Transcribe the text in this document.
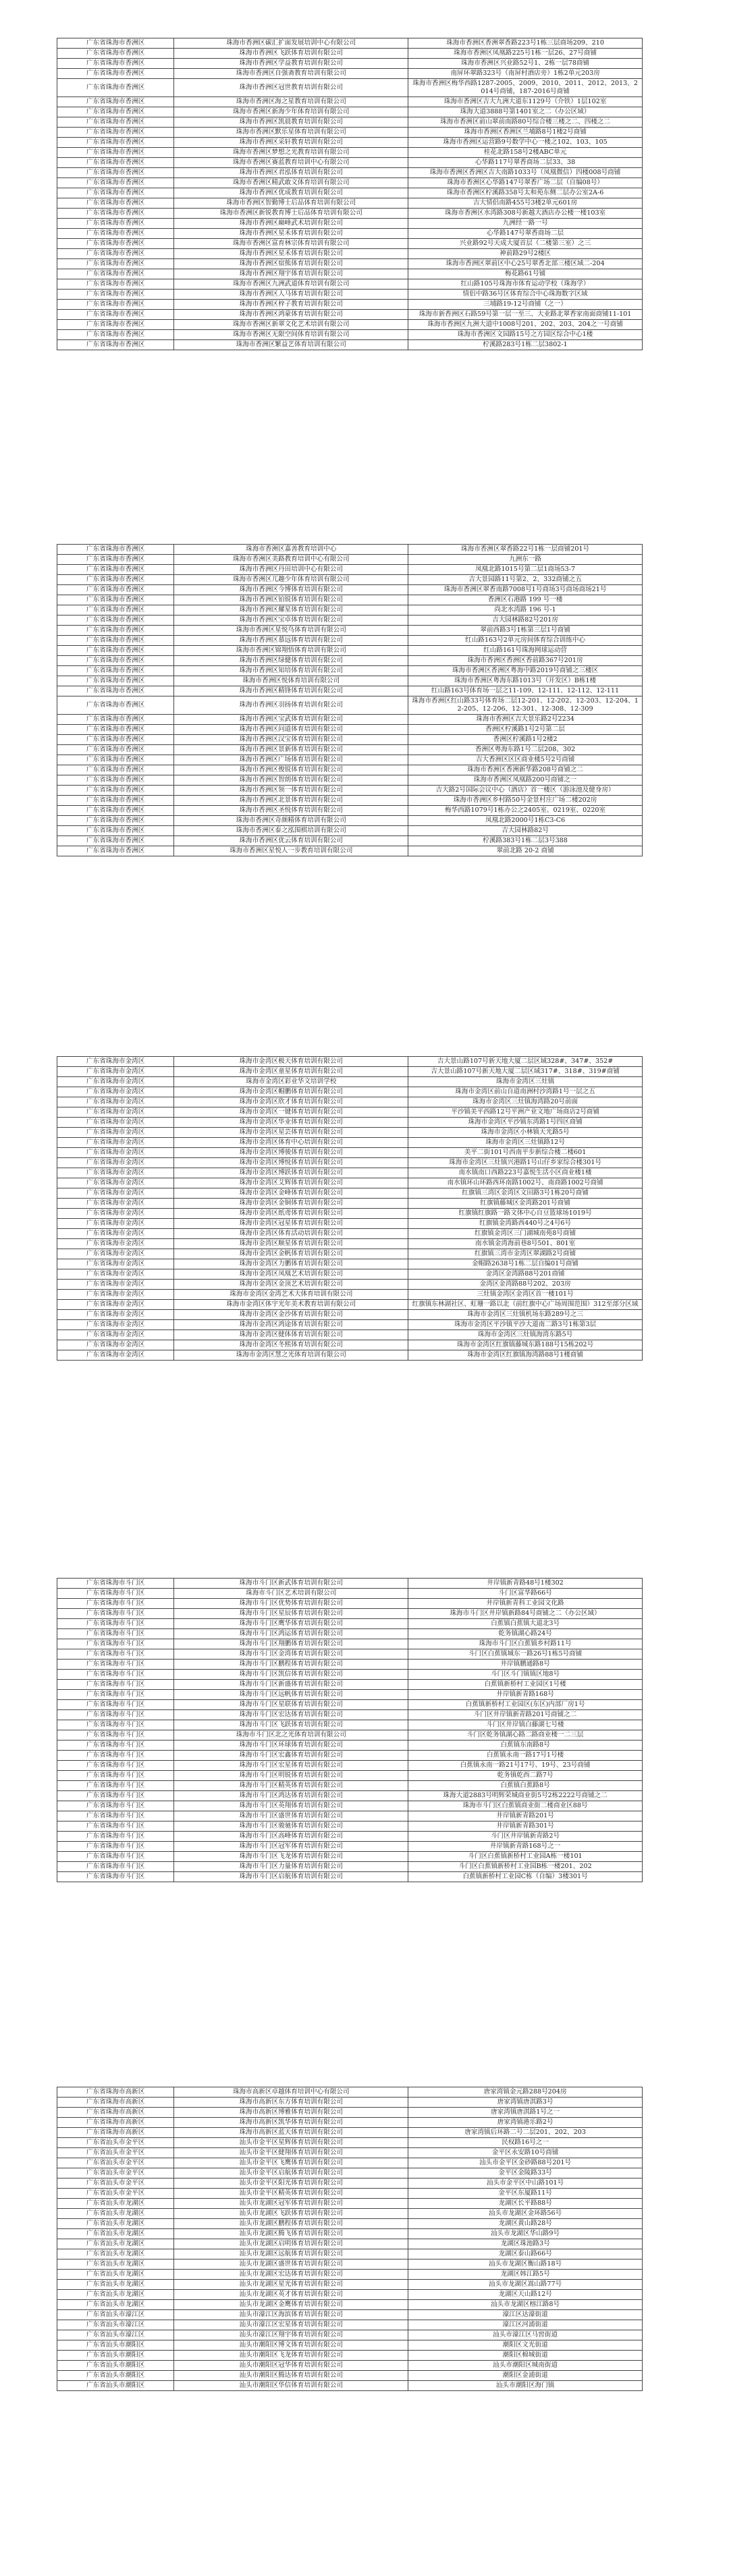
广东省珠海市香洲区	珠海市香洲区碳汇扩面发展培训中心有限公司	珠海市香洲区香洲翠香路223号1栋三层商场209、210
广东省珠海市香洲区	珠海市香洲区飞跃体育培训有限公司	珠海市香洲区凤凰路225号1栋一层26、27号商铺
广东省珠海市香洲区	珠海市香洲区学益教育培训有限公司	珠海市香洲区兴业路52号1、2栋一层78商铺
广东省珠海市香洲区	珠海市香洲区自强斋教育培训有限公司	南屏环翠路323号（南屏村酒店旁）1栋2单元203房
广东省珠海市香洲区	珠海市香洲区冠世教育培训有限公司	珠海市香洲区梅华西路1287-2005、2009、2010、2011、2012、2013、2014号商铺，187-2016号商铺
广东省珠海市香洲区	珠海市香洲区海之星教育培训有限公司	珠海市香洲区吉大九洲大道东1129号（介铁）1层102室
广东省珠海市香洲区	珠海市香洲区新海少年体育培训有限公司	珠海大道3888号第1401室之二（办公区域）
广东省珠海市香洲区	珠海市香洲区凯晨教育培训有限公司	珠海市香洲区前山翠前南路80号综合楼三楼之二、四楼之二
广东省珠海市香洲区	珠海市香洲区默乐星体育培训有限公司	珠海市香洲区香洲区兰埔路8号1楼2号商铺
广东省珠海市香洲区	珠海市香洲区采轩教育培训有限公司	珠海市香洲区运营路9号数学中心一楼之102、103、105
广东省珠海市香洲区	珠海市香洲区梦想之光教育培训有限公司	桂花北路158号2楼ABC单元
广东省珠海市香洲区	珠海市香洲区赛蓝教育培训中心有限公司	心华路117号翠香商场二层33、38
广东省珠海市香洲区	珠海市香洲区君泓体育培训有限公司	珠海市香洲区香洲区吉大南路1033号（凤凰微信）四楼008号商铺
广东省珠海市香洲区	珠海市香洲区精武敢文体育培训有限公司	珠海市香洲区心华路147号翠香广场二层（自编08号）
广东省珠海市香洲区	珠海市香洲区优成教育培训有限公司	珠海市香洲区柠溪路358号太和苑东侧二层办公室2A-6
广东省珠海市香洲区	珠海市香洲区智勤博士后品体育培训有限公司	吉大情侣南路455号3楼2单元601房
广东省珠海市香洲区	珠海市香洲区新锐教育博士后品体育培训有限公司	珠海市香洲区水湾路308号新越大酒店办公楼一楼103室
广东省珠海市香洲区	珠海市香洲区巅峰武术培训有限公司	九洲经一路一号
广东省珠海市香洲区	珠海市香洲区星禾体育培训有限公司	心华路147号翠香商场二层
广东省珠海市香洲区	珠海市香洲区富育林宗体育培训有限公司	兴业路92号天成大厦首层（二楼第三室）之三
广东省珠海市香洲区	珠海市香洲区星禾体育培训有限公司	神前路29号2楼区
广东省珠海市香洲区	珠海市香洲区宿熊体育培训有限公司	珠海市香洲区翠前区中心25号翠香北部三楼区域二-204
广东省珠海市香洲区	珠海市香洲区翔宇体育培训有限公司	梅花路61号铺
广东省珠海市香洲区	珠海市香洲区九洲武道体育培训有限公司	红山路105号珠海市体育运动学校（珠海学）
广东省珠海市香洲区	珠海市香洲区人马体育培训有限公司	情侣中路36号区体育综合中心珠海数字区域
广东省珠海市香洲区	珠海市香洲区梓子教育培训有限公司	三埔路19-12号商铺（之一）
广东省珠海市香洲区	珠海市香洲区鸿蒙体育培训有限公司	珠海市新香洲区石路59号第一层一至三、大业路北翠香家南面商铺11-101
广东省珠海市香洲区	珠海市香洲区新翠文化艺术培训有限公司	珠海市香洲区九洲大道中1008号201、202、203、204之一号商铺
广东省珠海市香洲区	珠海市香洲区无限空间体育培训有限公司	珠海市香洲区文园路15号之方园区综合中心1楼
广东省珠海市香洲区	珠海市香洲区繁益艺体育培训有限公司	柠溪路283号1栋二层3802-1
广东省珠海市香洲区	珠海市香洲区嘉善教育培训中心	珠海市香洲区翠香路22号1栋一层商铺201号
广东省珠海市香洲区	珠海市香洲区美路教育培训中心有限公司	九洲东一路
广东省珠海市香洲区	珠海市香洲区丹田培训中心有限公司	凤凰北路1015号第二层1商场53-7
广东省珠海市香洲区	珠海市香洲区兀趣少年体育培训有限公司	吉大景园路11号第2、2、332商铺之五
广东省珠海市香洲区	珠海市香洲区今博体育培训有限公司	珠海市香洲区翠香南路7008号1号商场3号商场商场21号
广东省珠海市香洲区	珠海市香洲区铂锐体育培训有限公司	香洲区石港路 199 号一楼
广东省珠海市香洲区	珠海市香洲区耀星体育培训有限公司	尚北水湾路 196 号-1
广东省珠海市香洲区	珠海市香洲区宝卓体育培训有限公司	吉大园林路82号201房
广东省珠海市香洲区	珠海市香洲区星悦鸟体育培训有限公司	翠前西路3号1栋第三层1号商铺
广东省珠海市香洲区	珠海市香洲区慕远体育培训有限公司	红山路163号2单元房间体育综合训练中心
广东省珠海市香洲区	珠海市香洲区锦翔悟体育培训有限公司	红山路161号珠海网球运动营
广东省珠海市香洲区	珠海市香洲区绿健体育培训有限公司	珠海市香洲区香洲区香前路367号201房
广东省珠海市香洲区	珠海市香洲区知培体育培训有限公司	珠海市香洲区香洲区粤海中路2019号商铺之三楼区
广东省珠海市香洲区	珠海市香洲区悦体育培训有限公司	珠海市香洲区粤海东路1013号（开发区）B栋1楼
广东省珠海市香洲区	珠海市香洲区精锋体育培训有限公司	红山路163号体育场一层之11-109、12-111、12-112、12-111
广东省珠海市香洲区	珠海市香洲区羽扬体育培训有限公司	珠海市香洲区红山路33号体育场二层12-201、12-202、12-203、12-204、12-205、12-206、12-301、12-308、12-309
广东省珠海市香洲区	珠海市香洲区宝武体育培训有限公司	珠海市香洲区吉大景乐路2号2234
广东省珠海市香洲区	珠海市香洲区问道体育培训有限公司	香洲区柠溪路1号2号第二层
广东省珠海市香洲区	珠海市香洲区汉宝体育培训有限公司	香洲区柠溪路1号2楼2
广东省珠海市香洲区	珠海市香洲区景新体育培训有限公司	香洲区粤海东路1号二层208、302
广东省珠海市香洲区	珠海市香洲区广场体育培训有限公司	吉大香洲区区区商业楼5号2号商铺
广东省珠海市香洲区	珠海市香洲区俊锐体育培训有限公司	珠海市香洲区香洲新华路208号商铺之二
广东省珠海市香洲区	珠海市香洲区智朗体育培训有限公司	珠海市香洲区凤凰路200号商铺之一
广东省珠海市香洲区	珠海市香洲区领一体育培训有限公司	吉大路2号国际会议中心（酒店）首一楼区（游泳池及健身房）
广东省珠海市香洲区	珠海市香洲区北景体育培训有限公司	珠海市香洲区乡村路50号金景村庄广场二楼202房
广东省珠海市香洲区	珠海市香洲区圣悦体育培训有限公司	梅华西路1079号1栋办公之2405室、0219室、0220室
广东省珠海市香洲区	珠海市香洲区奇颜精体育培训有限公司	凤凰北路2000号1栋C3-C6
广东省珠海市香洲区	珠海市香洲区泰之泓围棋培训有限公司	吉大园林路82号
广东省珠海市香洲区	珠海市香洲区优云体育培训有限公司	柠溪路383号1栋二层3号388
广东省珠海市香洲区	珠海市香洲区星悦人一步教育培训有限公司	翠前北路 20-2 商铺
广东省珠海市金湾区	珠海市金湾区极天体育培训有限公司	吉大景山路107号新天地大厦二层区域328#、347#、352#
广东省珠海市金湾区	珠海市金湾区童星体育培训有限公司	吉大景山路107号新天地大厦二层区域317#、318#、319#商铺
广东省珠海市金湾区	珠海市金湾区彩业华文培训学校	珠海市金湾区三灶镇
广东省珠海市金湾区	珠海市金湾区帽鹏体育培训有限公司	珠海市金湾区前山自道南洲村沙湾路1号一层之五
广东省珠海市金湾区	珠海市金湾区欣才体育培训有限公司	珠海市金湾区三灶镇海湾路20号前面
广东省珠海市金湾区	珠海市金湾区一键体育培训有限公司	平沙镇美平西路12号平洲产业文地广场商店2号商铺
广东省珠海市金湾区	珠海市金湾区华业体育培训有限公司	珠海市金湾区平沙镇东湾路1号四区商铺
广东省珠海市金湾区	珠海市金湾区星芸体育培训有限公司	珠海市金湾区小林镇天光路5号
广东省珠海市金湾区	珠海市金湾区体育中心培训有限公司	珠海市金湾区三灶镇路12号
广东省珠海市金湾区	珠海市金湾区博骏体育培训有限公司	美平二街101号西南平步新综合楼二楼601
广东省珠海市金湾区	珠海市金湾区博悦体育培训有限公司	珠海市金湾区三灶镇兴港路1号山仔乡家综合楼301号
广东省珠海市金湾区	珠海市金湾区博跃体育培训有限公司	南水镇南口西路223号嘉悦生活小区商业楼1楼
广东省珠海市金湾区	珠海市金湾区艾辉体育培训有限公司	南水镇环山环路西环南路1002号、南商路1002号商铺
广东省珠海市金湾区	珠海市金湾区金峰体育培训有限公司	红旗镇三湾区金湾区文田路3号1栋20号商铺
广东省珠海市金湾区	珠海市金湾区金铜体育培训有限公司	红旗镇藤城区金湾路201号商铺
广东省珠海市金湾区	珠海市金湾区纸鸢体育培训有限公司	红旗镇红旗路一路文体中心自豆篮球场1019号
广东省珠海市金湾区	珠海市金湾区冠星体育培训有限公司	红旗镇金湾路西440号之4号6号
广东省珠海市金湾区	珠海市金湾区体育活动培训有限公司	红旗镇金湾区三门湖城南苑8号商铺
广东省珠海市金湾区	珠海市金湾区顺星体育培训有限公司	南水镇金湾海前巷8号501、801室
广东省珠海市金湾区	珠海市金湾区金帆体育培训有限公司	红旗镇三湾市金湾区翠湖路2号商铺
广东省珠海市金湾区	珠海市金湾区力鹏体育培训有限公司	金帽路2638号1栋二层自编01号商铺
广东省珠海市金湾区	珠海市金湾区凤凰艺术培训有限公司	金湾区金湾路88号201商铺
广东省珠海市金湾区	珠海市金湾区金顶艺术培训有限公司	金湾区金湾路88号202、203房
广东省珠海市金湾区	珠海市金湾区金湾艺术大体育培训有限公司	三灶镇金湾区金湾区首一楼101号
广东省珠海市金湾区	珠海市金湾区体宇光年美术教育培训有限公司	红旗镇东林湖社区、虹珊一路以北（前红旗中心广场周围范围）312至部分区域
广东省珠海市金湾区	珠海市金湾区金沙体育培训有限公司	珠海市金湾区三灶镇机场东路289号之三
广东省珠海市金湾区	珠海市金湾区鸿途体育培训有限公司	珠海市金湾区平沙镇平沙大道南二路3号1栋第3层
广东省珠海市金湾区	珠海市金湾区健体体育培训有限公司	珠海市金湾区三灶镇海湾东路5号
广东省珠海市金湾区	珠海市金湾区冬熙体育培训有限公司	珠海市金湾区红旗镇藤城东路188号15栋202号
广东省珠海市金湾区	珠海市金湾区慧之光体育培训有限公司	珠海市金湾区红旗镇海湾路88号1楼商铺
广东省珠海市斗门区	珠海市斗门区新武体育培训有限公司	井岸镇新青路48号1楼302
广东省珠海市斗门区	珠海市斗门区艺术培训有限公司	斗门区富华路66号
广东省珠海市斗门区	珠海市斗门区优势体育培训有限公司	井岸镇新青科工业园文化路
广东省珠海市斗门区	珠海市斗门区星辰体育培训有限公司	珠海市斗门区井岸镇新路84号商铺之二（办公区域）
广东省珠海市斗门区	珠海市斗门区鹰华体育培训有限公司	白蕉镇白蕉镇大道北3号
广东省珠海市斗门区	珠海市斗门区鸿运体育培训有限公司	乾务镇湖心路24号
广东省珠海市斗门区	珠海市斗门区翔鹏体育培训有限公司	珠海市斗门区白蕉镇乡村路11号
广东省珠海市斗门区	珠海市斗门区金湾体育培训有限公司	斗门区白蕉镇城东一路26号1栋5号商铺
广东省珠海市斗门区	珠海市斗门区鹏程体育培训有限公司	井岸镇鹏通路8号
广东省珠海市斗门区	珠海市斗门区凯信体育培训有限公司	斗门区斗门镇镇区地8号
广东省珠海市斗门区	珠海市斗门区新盛体育培训有限公司	白蕉镇新桥村工业园区1号楼
广东省珠海市斗门区	珠海市斗门区远帆体育培训有限公司	井岸镇新青路168号
广东省珠海市斗门区	珠海市斗门区星联体育培训有限公司	白蕉镇新桥村工业园区(东区)内部厂房1号
广东省珠海市斗门区	珠海市斗门区宏达体育培训有限公司	斗门区井岸镇新青路201号商铺之二
广东省珠海市斗门区	珠海市斗门区飞跃体育培训有限公司	斗门区井岸镇白藤湖七号楼
广东省珠海市斗门区	珠海市斗门区北之光体育培训有限公司	斗门区乾务镇湖心路二路商业楼一二三层
广东省珠海市斗门区	珠海市斗门区环球体育培训有限公司	白蕉镇东南路8号
广东省珠海市斗门区	珠海市斗门区宏鑫体育培训有限公司	白蕉镇永南一路17号1号楼
广东省珠海市斗门区	珠海市斗门区宏星体育培训有限公司	白蕉镇永南一路21号17号、19号、23号商铺
广东省珠海市斗门区	珠海市斗门区明锐体育培训有限公司	乾务镇乾西二路7号
广东省珠海市斗门区	珠海市斗门区精英体育培训有限公司	白蕉镇白蕉路8号
广东省珠海市斗门区	珠海市斗门区鸿达体育培训有限公司	珠海大道2883号明辉荣城商业街5号2栋2222号商铺之二
广东省珠海市斗门区	珠海市斗门区英翔体育培训有限公司	珠海市斗门区白蕉镇商业街二楼商业区88号
广东省珠海市斗门区	珠海市斗门区盛世体育培训有限公司	井岸镇新青路201号
广东省珠海市斗门区	珠海市斗门区骏驰体育培训有限公司	井岸镇新青路301号
广东省珠海市斗门区	珠海市斗门区高峰体育培训有限公司	斗门区井岸镇新青路2号
广东省珠海市斗门区	珠海市斗门区冠军体育培训有限公司	井岸镇新青路168号之一
广东省珠海市斗门区	珠海市斗门区飞龙体育培训有限公司	斗门区白蕉镇新桥村工业园A栋一楼101
广东省珠海市斗门区	珠海市斗门区力量体育培训有限公司	斗门区白蕉镇新桥村工业园B栋一楼201、202
广东省珠海市斗门区	珠海市斗门区启航体育培训有限公司	白蕉镇新桥村工业园C栋（自编）3楼301号
广东省珠海市高新区	珠海市高新区卓越体育培训中心有限公司	唐家湾镇金元路288号204房
广东省珠海市高新区	珠海市高新区东方体育培训有限公司	唐家湾镇唐淇路3号
广东省珠海市高新区	珠海市高新区博雅体育培训有限公司	唐家湾镇唐淇路1号之一
广东省珠海市高新区	珠海市高新区凯华体育培训有限公司	唐家湾镇港乐路2号
广东省珠海市高新区	珠海市高新区蓝天体育培训有限公司	唐家湾镇后环路二号二层201、202、203
广东省汕头市金平区	汕头市金平区星辉体育培训有限公司	民权路16号之一
广东省汕头市金平区	汕头市金平区健翔体育培训有限公司	金平区永安路10号商铺
广东省汕头市金平区	汕头市金平区飞鹰体育培训有限公司	汕头市金平区金砂路88号201号
广东省汕头市金平区	汕头市金平区启航体育培训有限公司	金平区金陵路33号
广东省汕头市金平区	汕头市金平区阳光体育培训有限公司	汕头市金平区中山路101号
广东省汕头市金平区	汕头市金平区精英体育培训有限公司	金平区东厦路11号
广东省汕头市龙湖区	汕头市龙湖区冠军体育培训有限公司	龙湖区长平路88号
广东省汕头市龙湖区	汕头市龙湖区飞跃体育培训有限公司	汕头市龙湖区金环路56号
广东省汕头市龙湖区	汕头市龙湖区鹏程体育培训有限公司	龙湖区黄山路28号
广东省汕头市龙湖区	汕头市龙湖区腾飞体育培训有限公司	汕头市龙湖区华山路9号
广东省汕头市龙湖区	汕头市龙湖区启明体育培训有限公司	龙湖区珠池路3号
广东省汕头市龙湖区	汕头市龙湖区远航体育培训有限公司	龙湖区泰山路66号
广东省汕头市龙湖区	汕头市龙湖区盛世体育培训有限公司	汕头市龙湖区衡山路18号
广东省汕头市龙湖区	汕头市龙湖区宏达体育培训有限公司	龙湖区韩江路5号
广东省汕头市龙湖区	汕头市龙湖区星光体育培训有限公司	汕头市龙湖区嵩山路77号
广东省汕头市龙湖区	汕头市龙湖区英才体育培训有限公司	龙湖区天山路12号
广东省汕头市龙湖区	汕头市龙湖区金鹰体育培训有限公司	汕头市龙湖区榕江路8号
广东省汕头市濠江区	汕头市濠江区海滨体育培训有限公司	濠江区达濠街道
广东省汕头市濠江区	汕头市濠江区宏星体育培训有限公司	濠江区河浦街道
广东省汕头市濠江区	汕头市濠江区翔宇体育培训有限公司	汕头市濠江区马窖街道
广东省汕头市潮阳区	汕头市潮阳区博文体育培训有限公司	潮阳区文光街道
广东省汕头市潮阳区	汕头市潮阳区飞龙体育培训有限公司	潮阳区棉城街道
广东省汕头市潮阳区	汕头市潮阳区冠华体育培训有限公司	汕头市潮阳区城南街道
广东省汕头市潮阳区	汕头市潮阳区腾达体育培训有限公司	潮阳区金浦街道
广东省汕头市潮阳区	汕头市潮阳区华信体育培训有限公司	汕头市潮阳区海门镇
